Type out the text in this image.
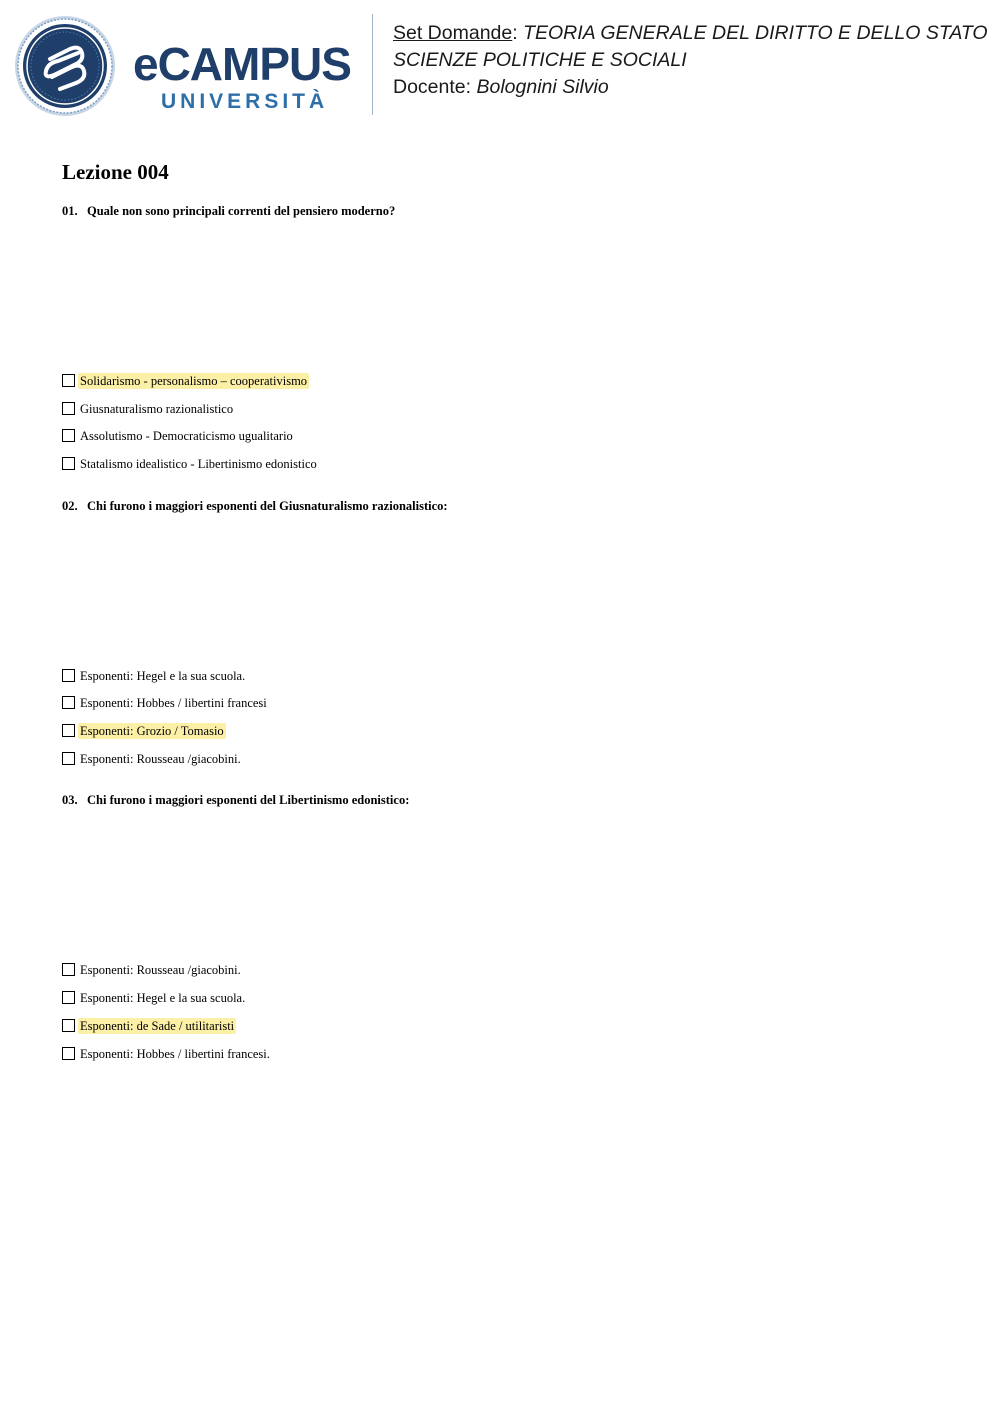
eCAMPUS
UNIVERSITÀ
Set Domande: TEORIA GENERALE DEL DIRITTO E DELLO STATO
SCIENZE POLITICHE E SOCIALI
Docente: Bolognini Silvio
Lezione 004

01. Quale non sono principali correnti del pensiero moderno?

Solidarismo - personalismo – cooperativismo
Giusnaturalismo razionalistico
Assolutismo - Democraticismo ugualitario
Statalismo idealistico - Libertinismo edonistico

02. Chi furono i maggiori esponenti del Giusnaturalismo razionalistico:

Esponenti: Hegel e la sua scuola.
Esponenti: Hobbes / libertini francesi
Esponenti: Grozio / Tomasio
Esponenti: Rousseau /giacobini.

03. Chi furono i maggiori esponenti del Libertinismo edonistico:

Esponenti: Rousseau /giacobini.
Esponenti: Hegel e la sua scuola.
Esponenti: de Sade / utilitaristi
Esponenti: Hobbes / libertini francesi.
